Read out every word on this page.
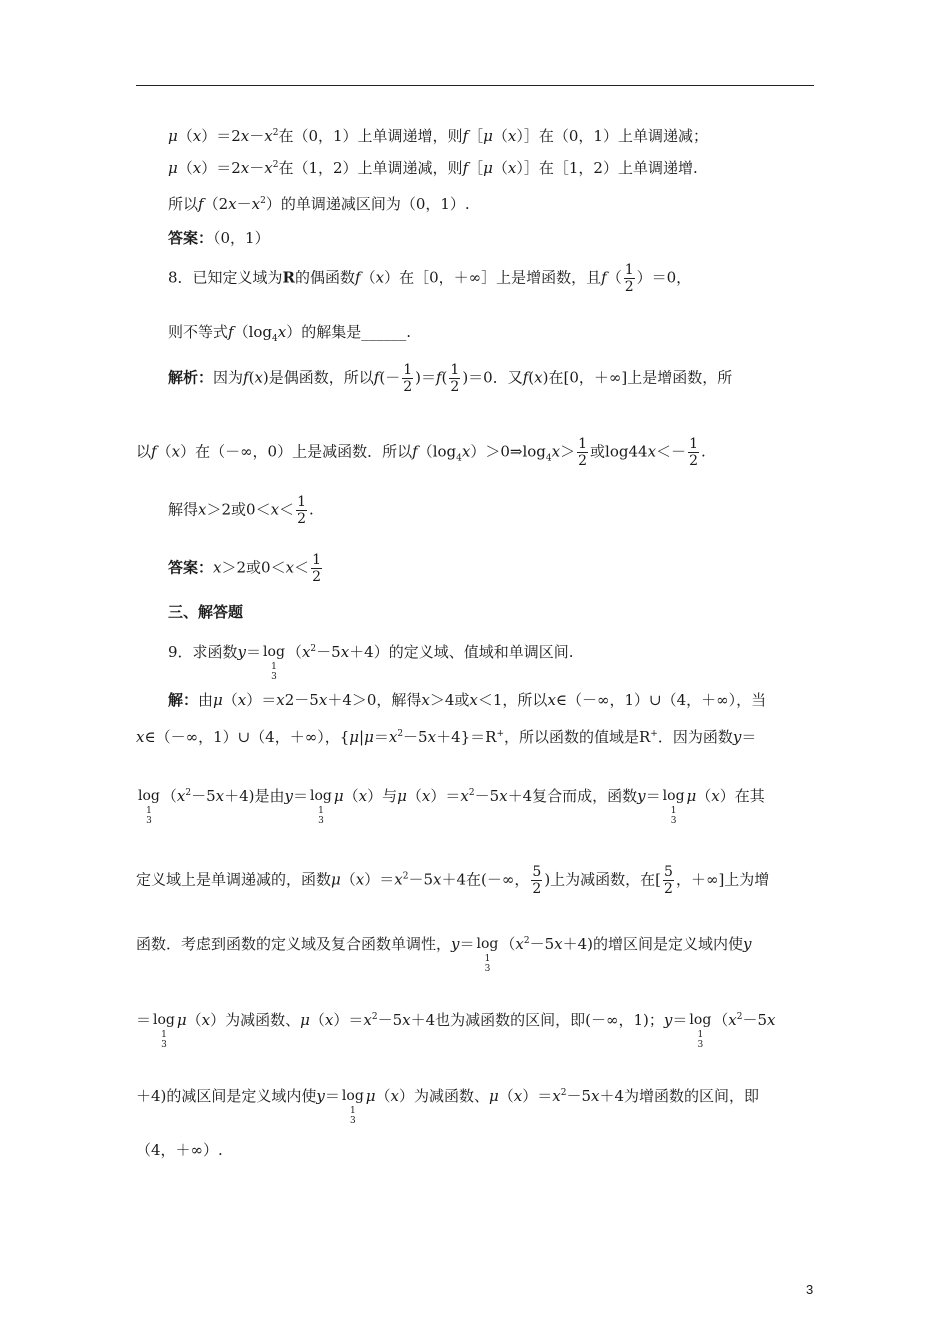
$\mu(x)=2x-x^2$在（0，1）上单调递增，则f［μ（x）］在（0，1）上单调递减；
$\mu(x)=2x-x^2$在（1，2）上单调递减，则f［μ（x）］在［1，2）上单调递增.
所以$f(2x-x^2)$的单调递减区间为（0，1）.
答案：（0，1）
8．已知定义域为R的偶函数f（x）在［0，＋∞］上是增函数，且$f( \frac{1}{2} )=0$，
则不等式$f(\log_4x)$的解集是______.
解析：因为f(x)是偶函数，所以$f(- \frac{1}{2} )=f( \frac{1}{2} )=0$．又f(x)在[0，＋∞]上是增函数，所
以f（x）在（－∞，0）上是减函数．所以$f(\log_4x)>0\Rightarrow\log_4x> \frac{1}{2}$ 或$\log 44x<- \frac{1}{2}$ .
解得x＞2或$0<x< \frac{1}{2}$ .
答案：x＞2或$0<x< \frac{1}{2}$
三、解答题
9．求函数y＝ log
1
3
$(x^2-5x+4)$的定义域、值域和单调区间.
解：由μ（x）＝x2－5x＋4＞0，解得x＞4或x＜1，所以x∈（－∞，1）∪（4，＋∞），当
x∈（－∞，1）∪（4，＋∞），$\{\mu|\mu=x^2-5x+4\}=R^+$，所以函数的值域是R+．因为函数y＝
log
1
3
$(x^2-5x+4)$是由y＝ log
1
3
μ（x）与$\mu(x)=x^2-5x+4$复合而成，函数y＝ log
1
3
μ（x）在其
定义域上是单调递减的，函数$\mu(x)=x^2-5x+4$在(－∞， $\frac{5}{2}$ )上为减函数，在[ $\frac{5}{2}$ ，＋∞]上为增
函数．考虑到函数的定义域及复合函数单调性，y＝ log
1
3
$(x^2-5x+4)$的增区间是定义域内使y
＝ log
1
3
μ（x）为减函数、$\mu(x)=x^2-5x+4$也为减函数的区间，即(－∞，1)；y＝ log
1
3
（$x^2-5x$
＋4)的减区间是定义域内使y＝ log
1
3
μ（x）为减函数、$\mu(x)=x^2-5x+4$为增函数的区间，即
（4，＋∞）.
3
